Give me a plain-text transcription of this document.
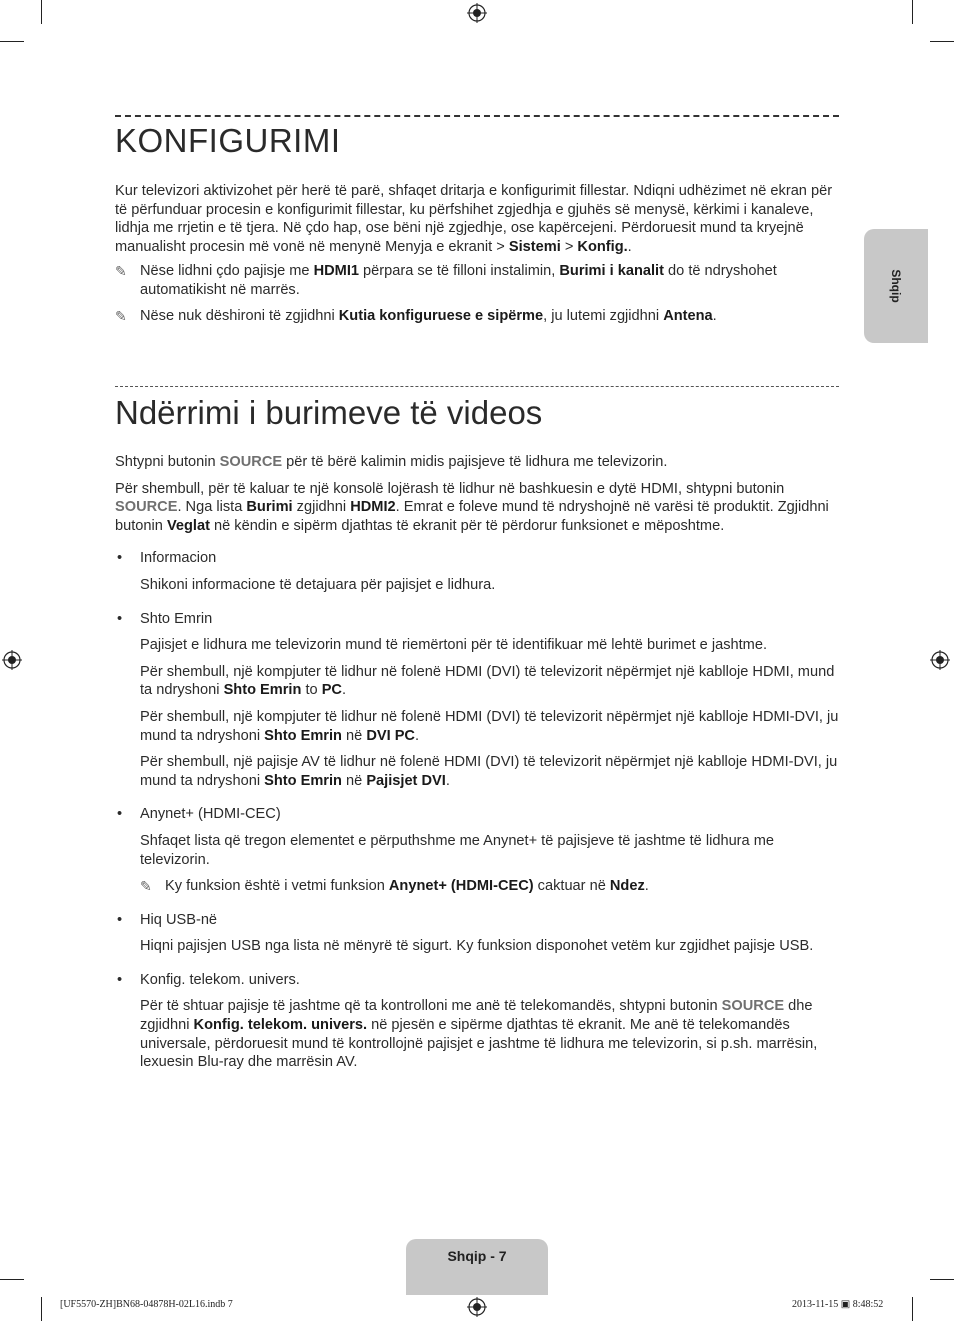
KONFIGURIMI

Kur televizori aktivizohet për herë të parë, shfaqet dritarja e konfigurimit fillestar. Ndiqni udhëzimet në ekran për të përfunduar procesin e konfigurimit fillestar, ku përfshihet zgjedhja e gjuhës së menysë, kërkimi i kanaleve, lidhja me rrjetin e të tjera. Në çdo hap, ose bëni një zgjedhje, ose kapërcejeni. Përdoruesit mund ta kryejnë manualisht procesin më vonë në menynë Menyja e ekranit > Sistemi > Konfig..

✎ Nëse lidhni çdo pajisje me HDMI1 përpara se të filloni instalimin, Burimi i kanalit do të ndryshohet automatikisht në marrës.

✎ Nëse nuk dëshironi të zgjidhni Kutia konfiguruese e sipërme, ju lutemi zgjidhni Antena.

Ndërrimi i burimeve të videos

Shtypni butonin SOURCE për të bërë kalimin midis pajisjeve të lidhura me televizorin.

Për shembull, për të kaluar te një konsolë lojërash të lidhur në bashkuesin e dytë HDMI, shtypni butonin SOURCE. Nga lista Burimi zgjidhni HDMI2. Emrat e foleve mund të ndryshojnë në varësi të produktit. Zgjidhni butonin Veglat në këndin e sipërm djathtas të ekranit për të përdorur funksionet e mëposhtme.

• Informacion

Shikoni informacione të detajuara për pajisjet e lidhura.

• Shto Emrin

Pajisjet e lidhura me televizorin mund të riemërtoni për të identifikuar më lehtë burimet e jashtme.

Për shembull, një kompjuter të lidhur në folenë HDMI (DVI) të televizorit nëpërmjet një kablloje HDMI, mund ta ndryshoni Shto Emrin to PC.

Për shembull, një kompjuter të lidhur në folenë HDMI (DVI) të televizorit nëpërmjet një kablloje HDMI-DVI, ju mund ta ndryshoni Shto Emrin në DVI PC.

Për shembull, një pajisje AV të lidhur në folenë HDMI (DVI) të televizorit nëpërmjet një kablloje HDMI-DVI, ju mund ta ndryshoni Shto Emrin në Pajisjet DVI.

• Anynet+ (HDMI-CEC)

Shfaqet lista që tregon elementet e përputhshme me Anynet+ të pajisjeve të jashtme të lidhura me televizorin.

✎ Ky funksion është i vetmi funksion Anynet+ (HDMI-CEC) caktuar në Ndez.

• Hiq USB-në

Hiqni pajisjen USB nga lista në mënyrë të sigurt. Ky funksion disponohet vetëm kur zgjidhet pajisje USB.

• Konfig. telekom. univers.

Për të shtuar pajisje të jashtme që ta kontrolloni me anë të telekomandës, shtypni butonin SOURCE dhe zgjidhni Konfig. telekom. univers. në pjesën e sipërme djathtas të ekranit. Me anë të telekomandës universale, përdoruesit mund të kontrollojnë pajisjet e jashtme të lidhura me televizorin, si p.sh. marrësin, lexuesin Blu-ray dhe marrësin AV.

Shqip
Shqip - 7
[UF5570-ZH]BN68-04878H-02L16.indb 7	2013-11-15 ▣ 8:48:52
